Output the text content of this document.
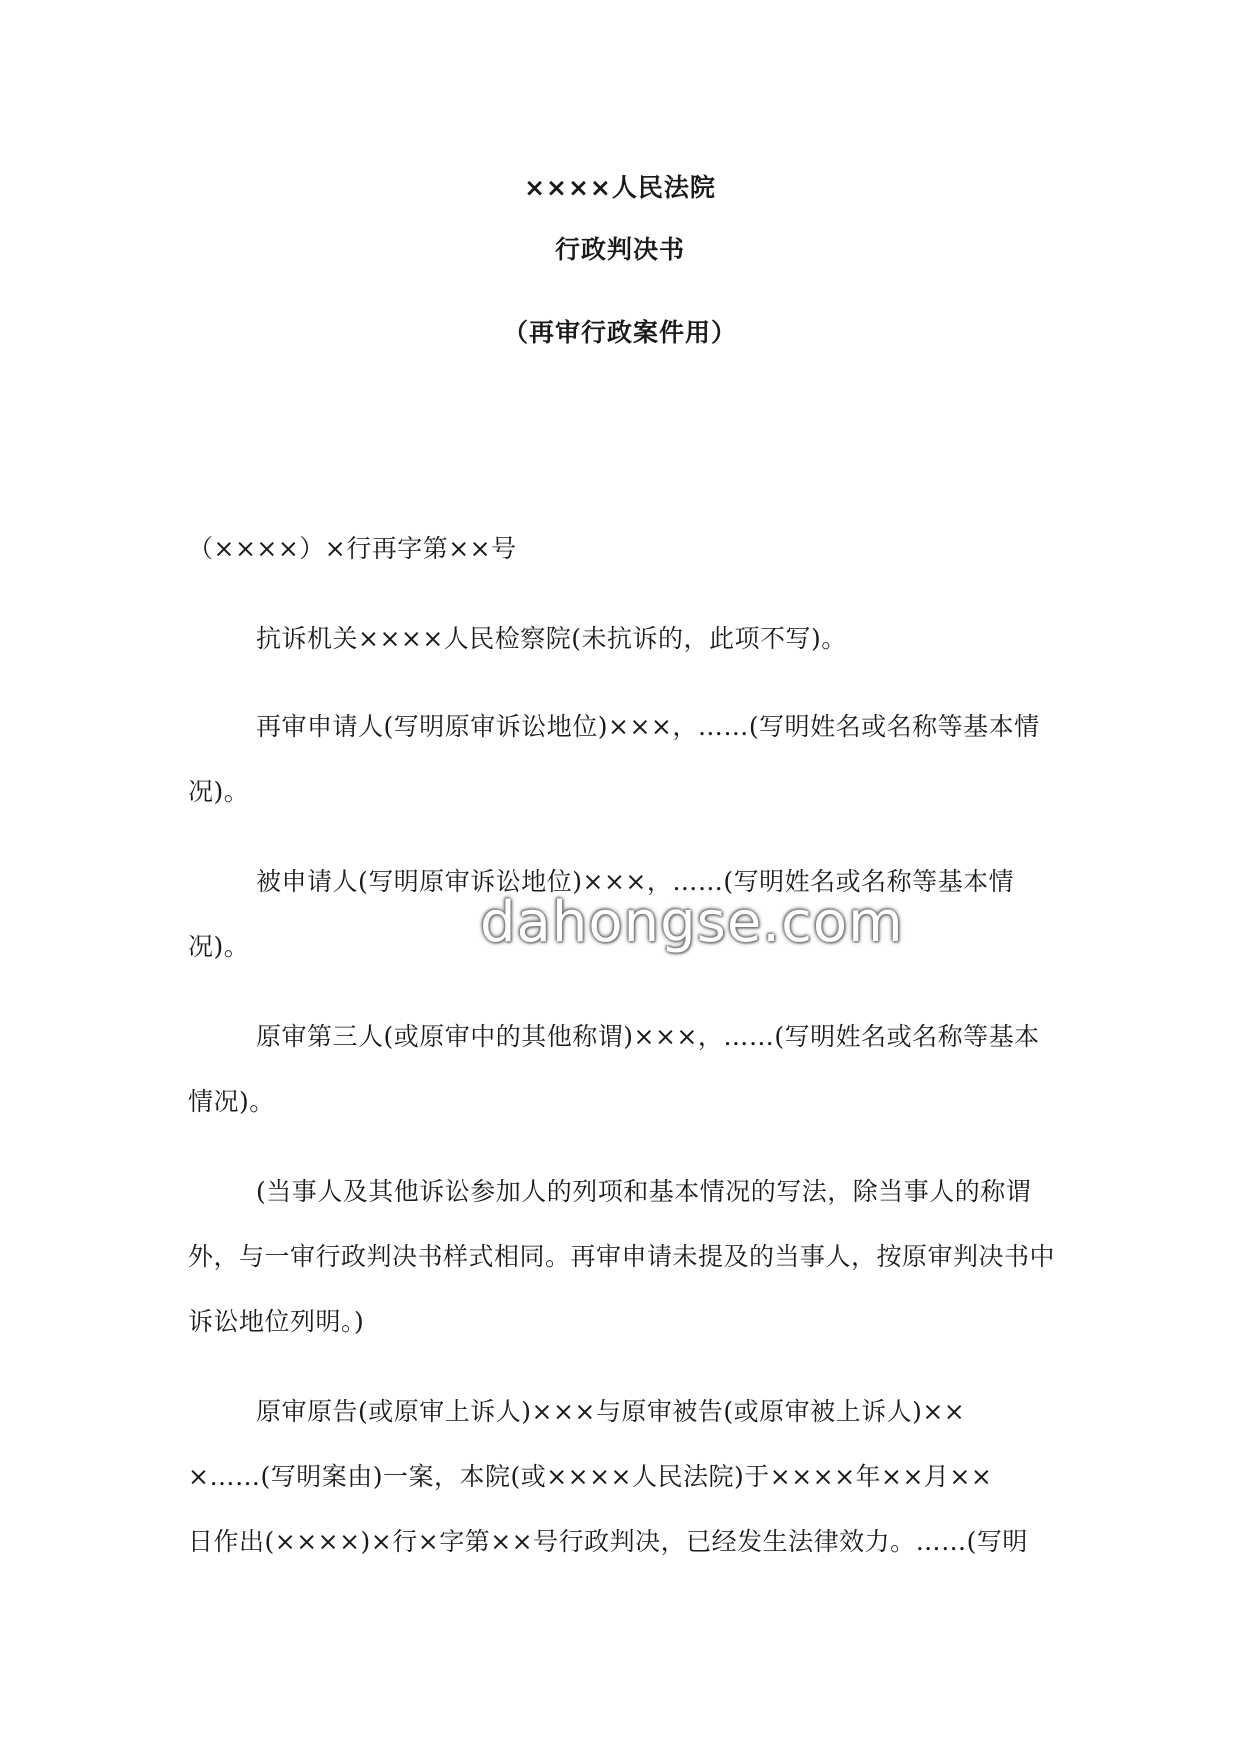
××××人民法院
行政判决书
（再审行政案件用）
（××××）×行再字第××号
抗诉机关××××人民检察院(未抗诉的，此项不写)。
再审申请人(写明原审诉讼地位)×××，……(写明姓名或名称等基本情
况)。
被申请人(写明原审诉讼地位)×××，……(写明姓名或名称等基本情
况)。
原审第三人(或原审中的其他称谓)×××，……(写明姓名或名称等基本
情况)。
(当事人及其他诉讼参加人的列项和基本情况的写法，除当事人的称谓
外，与一审行政判决书样式相同。再审申请未提及的当事人，按原审判决书中
诉讼地位列明。)
原审原告(或原审上诉人)×××与原审被告(或原审被上诉人)××
×……(写明案由)一案，本院(或××××人民法院)于××××年××月××
日作出(××××)×行×字第××号行政判决，已经发生法律效力。……(写明
dahongse.com
